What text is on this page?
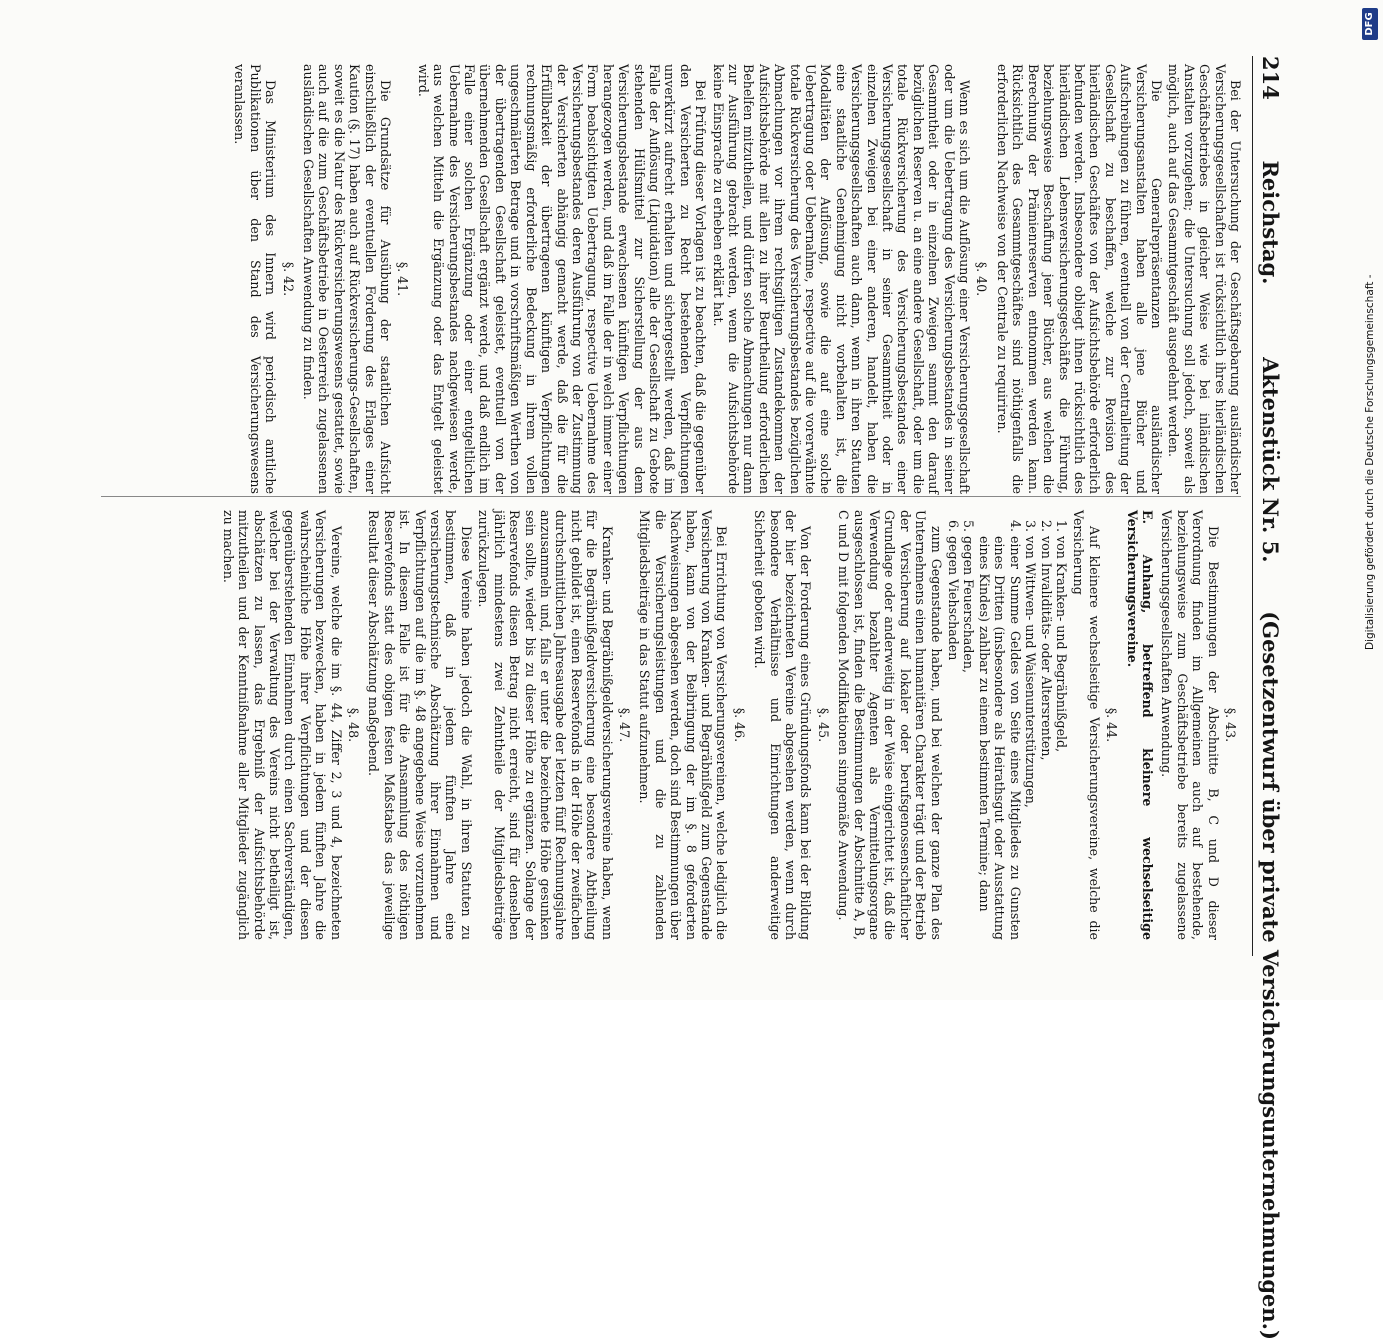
214  Reichstag.  Aktenstück Nr. 5.  (Gesetzentwurf über private Versicherungsunternehmungen.)

Bei der Untersuchung der Geschäftsgebarung ausländischer Versicherungsgesellschaften ist rücksichtlich ihres hierländischen Geschäftsbetriebes in gleicher Weise wie bei inländischen Anstalten vorzugehen; die Untersuchung soll jedoch, soweit als möglich, auch auf das Gesammtgeschäft ausgedehnt werden.

Die Generalrepräsentanzen ausländischer Versicherungsanstalten haben alle jene Bücher und Aufschreibungen zu führen, eventuell von der Centralleitung der Gesellschaft zu beschaffen, welche zur Revision des hierländischen Geschäftes von der Aufsichtsbehörde erforderlich befunden werden. Insbesondere obliegt ihnen rücksichtlich des hierländischen Lebensversicherungsgeschäftes die Führung, beziehungsweise Beschaffung jener Bücher, aus welchen die Berechnung der Prämienreserven entnommen werden kann. Rücksichtlich des Gesammtgeschäftes sind nöthigenfalls die erforderlichen Nachweise von der Centrale zu requiriren.

§. 40.

Wenn es sich um die Auflösung einer Versicherungsgesellschaft oder um die Uebertragung des Versicherungsbestandes in seiner Gesammtheit oder in einzelnen Zweigen sammt den darauf bezüglichen Reserven u. an eine andere Gesellschaft, oder um die totale Rückversicherung des Versicherungsbestandes einer Versicherungsgesellschaft in seiner Gesammtheit oder in einzelnen Zweigen bei einer anderen, handelt, haben die Versicherungsgesellschaften auch dann, wenn in ihren Statuten eine staatliche Genehmigung nicht vorbehalten ist, die Modalitäten der Auflösung, sowie die auf eine solche Uebertragung oder Uebernahme, respective auf die vorerwähnte totale Rückversicherung des Versicherungsbestandes bezüglichen Abmachungen vor ihrem rechtsgiltigen Zustandekommen der Aufsichtsbehörde mit allen zu ihrer Beurtheilung erforderlichen Behelfen mitzutheilen, und dürfen solche Abmachungen nur dann zur Ausführung gebracht werden, wenn die Aufsichtsbehörde keine Einsprache zu erheben erklärt hat.

Bei Prüfung dieser Vorlagen ist zu beachten, daß die gegenüber den Versicherten zu Recht bestehenden Verpflichtungen unverkürzt aufrecht erhalten und sichergestellt werden, daß im Falle der Auflösung (Liquidation) alle der Gesellschaft zu Gebote stehenden Hülfsmittel zur Sicherstellung der aus dem Versicherungsbestande erwachsenen künftigen Verpflichtungen herangezogen werden, und daß im Falle der in welch immer einer Form beabsichtigten Uebertragung, respective Uebernahme des Versicherungsbestandes deren Ausführung von der Zustimmung der Versicherten abhängig gemacht werde, daß die für die Erfüllbarkeit der übertragenen künftigen Verpflichtungen rechnungsmäßig erforderliche Bedeckung in ihrem vollen ungeschmälerten Betrage und in vorschriftsmäßigen Werthen von der übertragenden Gesellschaft geleistet, eventuell von der übernehmenden Gesellschaft ergänzt werde, und daß endlich im Falle einer solchen Ergänzung oder einer entgeltlichen Uebernahme des Versicherungsbestandes nachgewiesen werde, aus welchen Mitteln die Ergänzung oder das Entgelt geleistet wird.

§. 41.

Die Grundsätze für Ausübung der staatlichen Aufsicht einschließlich der eventuellen Forderung des Erlages einer Kaution (§. 17) haben auch auf Rückversicherungs-Gesellschaften, soweit es die Natur des Rückversicherungswesens gestattet, sowie auch auf die zum Geschäftsbetriebe in Oesterreich zugelassenen ausländischen Gesellschaften Anwendung zu finden.

§. 42.

Das Ministerium des Innern wird periodisch amtliche Publikationen über den Stand des Versicherungswesens veranlassen.

§. 43.

Die Bestimmungen der Abschnitte B, C und D dieser Verordnung finden im Allgemeinen auch auf bestehende, beziehungsweise zum Geschäftsbetriebe bereits zugelassene Versicherungsgesellschaften Anwendung.

E. Anhang, betreffend kleinere wechselseitige Versicherungsvereine.

§. 44.

Auf kleinere wechselseitige Versicherungsvereine, welche die Versicherung

1. von Kranken- und Begräbnißgeld,
2. von Invaliditäts- oder Altersrenten,
3. von Wittwen- und Waisenunterstützungen,
4. einer Summe Geldes von Seite eines Mitgliedes zu Gunsten eines Dritten (insbesondere als Heirathsgut oder Ausstattung eines Kindes) zahlbar zu einem bestimmten Termine; dann
5. gegen Feuerschaden,
6. gegen Viehschaden

zum Gegenstande haben, und bei welchen der ganze Plan des Unternehmens einen humanitären Charakter trägt und der Betrieb der Versicherung auf lokaler oder berufsgenossenschaftlicher Grundlage oder anderweitig in der Weise eingerichtet ist, daß die Verwendung bezahlter Agenten als Vermittelungsorgane ausgeschlossen ist, finden die Bestimmungen der Abschnitte A, B, C und D mit folgenden Modifikationen sinngemäße Anwendung.

§. 45.

Von der Forderung eines Gründungsfonds kann bei der Bildung der hier bezeichneten Vereine abgesehen werden, wenn durch besondere Verhältnisse und Einrichtungen anderweitige Sicherheit geboten wird.

§. 46.

Bei Errichtung von Versicherungsvereinen, welche lediglich die Versicherung von Kranken- und Begräbnißgeld zum Gegenstande haben, kann von der Beibringung der im §. 8 geforderten Nachweisungen abgesehen werden, doch sind Bestimmungen über die Versicherungsleistungen und die zu zahlenden Mitgliedsbeiträge in das Statut aufzunehmen.

§. 47.

Kranken- und Begräbnißgeldversicherungsvereine haben, wenn für die Begräbnißgeldversicherung eine besondere Abtheilung nicht gebildet ist, einen Reservefonds in der Höhe der zweifachen durchschnittlichen Jahresausgabe der letzten fünf Rechnungsjahre anzusammeln und, falls er unter die bezeichnete Höhe gesunken sein sollte, wieder bis zu dieser Höhe zu ergänzen. Solange der Reservefonds diesen Betrag nicht erreicht, sind für denselben jährlich mindestens zwei Zehntheile der Mitgliedsbeiträge zurückzulegen.

Diese Vereine haben jedoch die Wahl, in ihren Statuten zu bestimmen, daß in jedem fünften Jahre eine versicherungstechnische Abschätzung ihrer Einnahmen und Verpflichtungen auf die im §. 48 angegebene Weise vorzunehmen ist. In diesem Falle ist für die Ansammlung des nöthigen Reservefonds statt des obigen festen Maßstabes das jeweilige Resultat dieser Abschätzung maßgebend.

§. 48.

Vereine, welche die im §. 44, Ziffer 2, 3 und 4, bezeichneten Versicherungen bezwecken, haben in jedem fünften Jahre die wahrscheinliche Höhe ihrer Verpflichtungen und der diesen gegenüberstehenden Einnahmen durch einen Sachverständigen, welcher bei der Verwaltung des Vereins nicht betheiligt ist, abschätzen zu lassen, das Ergebniß der Aufsichtsbehörde mitzutheilen und der Kenntnißnahme aller Mitglieder zugänglich zu machen.

DFG
Digitalisierung gefördert durch die Deutsche Forschungsgemeinschaft -
